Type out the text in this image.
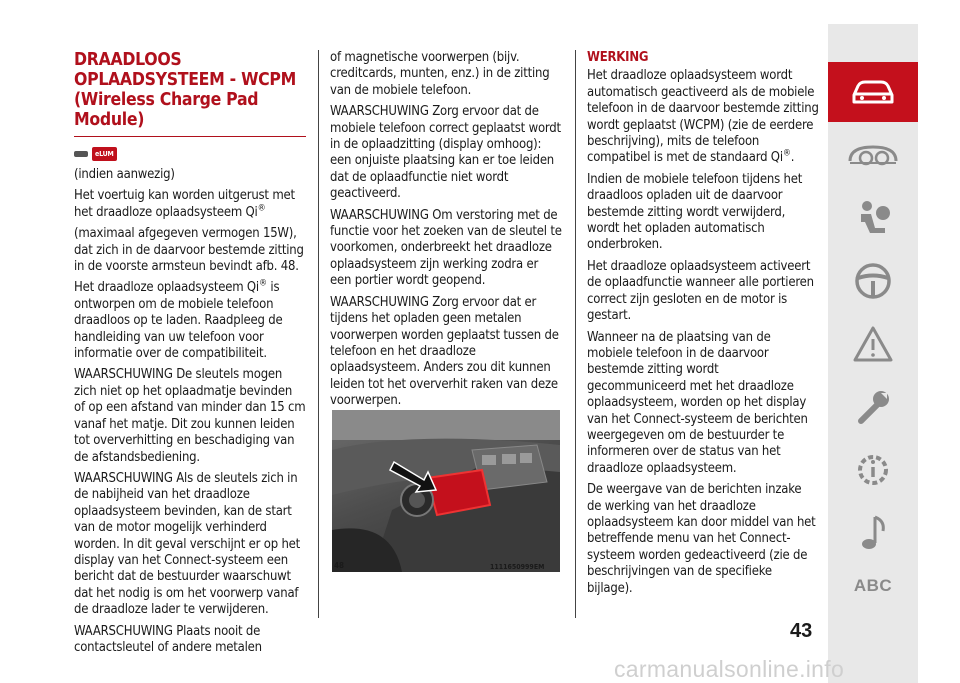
DRAADLOOS OPLAADSYSTEEM - WCPM (Wireless Charge Pad Module)
eLUM

(indien aanwezig)

Het voertuig kan worden uitgerust met het draadloze oplaadsysteem Qi®

(maximaal afgegeven vermogen 15W), dat zich in de daarvoor bestemde zitting in de voorste armsteun bevindt afb. 48.

Het draadloze oplaadsysteem Qi® is ontworpen om de mobiele telefoon draadloos op te laden. Raadpleeg de handleiding van uw telefoon voor informatie over de compatibiliteit.

WAARSCHUWING De sleutels mogen zich niet op het oplaadmatje bevinden of op een afstand van minder dan 15 cm vanaf het matje. Dit zou kunnen leiden tot oververhitting en beschadiging van de afstandsbediening.

WAARSCHUWING Als de sleutels zich in de nabijheid van het draadloze oplaadsysteem bevinden, kan de start van de motor mogelijk verhinderd worden. In dit geval verschijnt er op het display van het Connect-systeem een bericht dat de bestuurder waarschuwt dat het nodig is om het voorwerp vanaf de draadloze lader te verwijderen.

WAARSCHUWING Plaats nooit de contactsleutel of andere metalen

of magnetische voorwerpen (bijv. creditcards, munten, enz.) in de zitting van de mobiele telefoon.

WAARSCHUWING Zorg ervoor dat de mobiele telefoon correct geplaatst wordt in de oplaadzitting (display omhoog): een onjuiste plaatsing kan er toe leiden dat de oplaadfunctie niet wordt geactiveerd.

WAARSCHUWING Om verstoring met de functie voor het zoeken van de sleutel te voorkomen, onderbreekt het draadloze oplaadsysteem zijn werking zodra er een portier wordt geopend.

WAARSCHUWING Zorg ervoor dat er tijdens het opladen geen metalen voorwerpen worden geplaatst tussen de telefoon en het draadloze oplaadsysteem. Anders zou dit kunnen leiden tot het oververhit raken van deze voorwerpen.

48	1111650999EM
WERKING

Het draadloze oplaadsysteem wordt automatisch geactiveerd als de mobiele telefoon in de daarvoor bestemde zitting wordt geplaatst (WCPM) (zie de eerdere beschrijving), mits de telefoon compatibel is met de standaard Qi®.

Indien de mobiele telefoon tijdens het draadloos opladen uit de daarvoor bestemde zitting wordt verwijderd, wordt het opladen automatisch onderbroken.

Het draadloze oplaadsysteem activeert de oplaadfunctie wanneer alle portieren correct zijn gesloten en de motor is gestart.

Wanneer na de plaatsing van de mobiele telefoon in de daarvoor bestemde zitting wordt gecommuniceerd met het draadloze oplaadsysteem, worden op het display van het Connect-systeem de berichten weergegeven om de bestuurder te informeren over de status van het draadloze oplaadsysteem.

De weergave van de berichten inzake de werking van het draadloze oplaadsysteem kan door middel van het betreffende menu van het Connect-systeem worden gedeactiveerd (zie de beschrijvingen van de specifieke bijlage).	ABC
43
carmanualsonline.info
